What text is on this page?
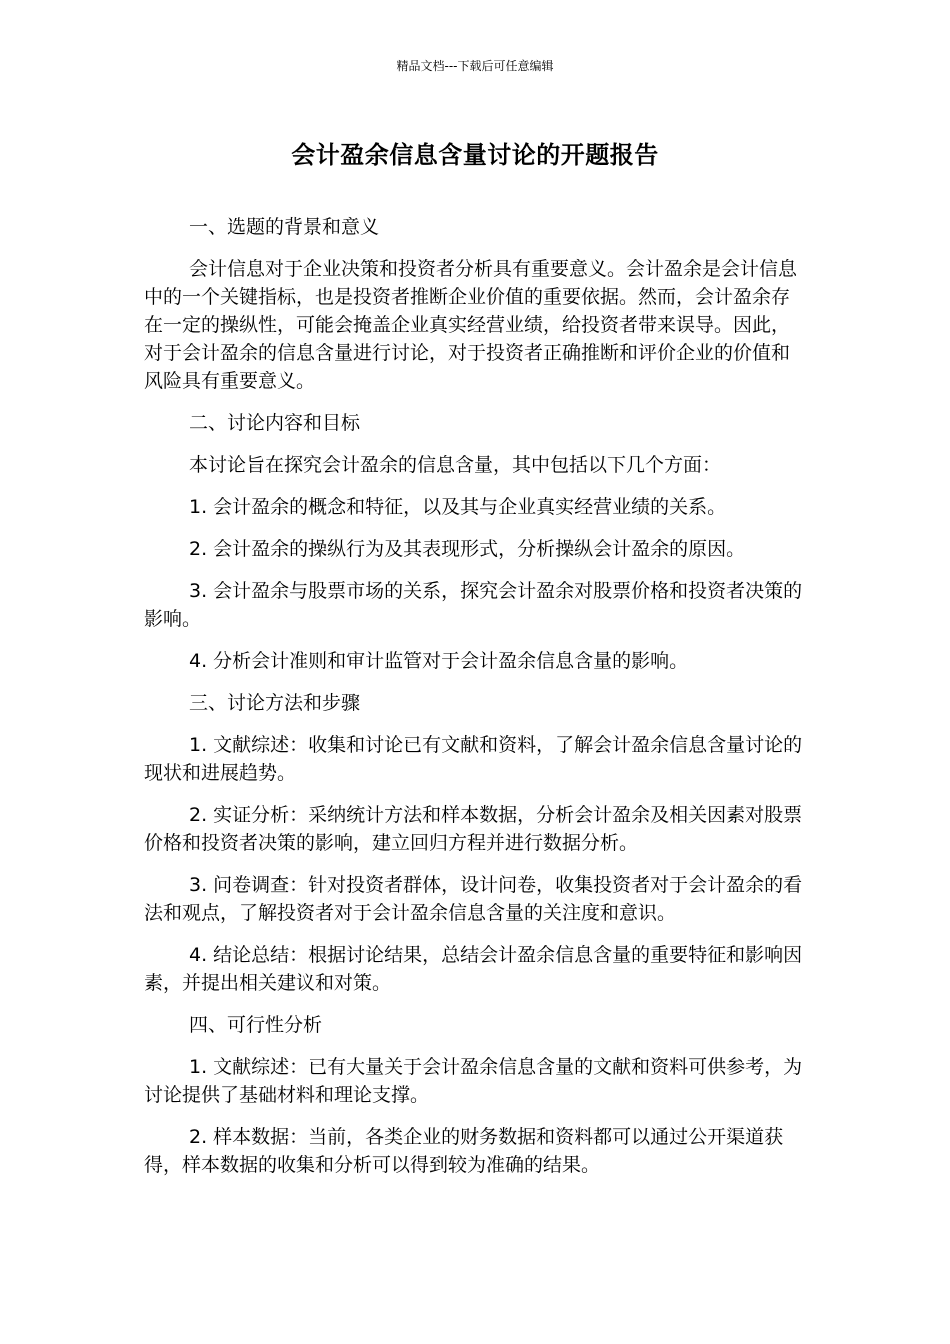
精品文档---下载后可任意编辑
会计盈余信息含量讨论的开题报告

一、选题的背景和意义

会计信息对于企业决策和投资者分析具有重要意义。会计盈余是会计信息中的一个关键指标，也是投资者推断企业价值的重要依据。然而，会计盈余存在一定的操纵性，可能会掩盖企业真实经营业绩，给投资者带来误导。因此，对于会计盈余的信息含量进行讨论，对于投资者正确推断和评价企业的价值和风险具有重要意义。

二、讨论内容和目标

本讨论旨在探究会计盈余的信息含量，其中包括以下几个方面：

1. 会计盈余的概念和特征，以及其与企业真实经营业绩的关系。

2. 会计盈余的操纵行为及其表现形式，分析操纵会计盈余的原因。

3. 会计盈余与股票市场的关系，探究会计盈余对股票价格和投资者决策的影响。

4. 分析会计准则和审计监管对于会计盈余信息含量的影响。

三、讨论方法和步骤

1. 文献综述：收集和讨论已有文献和资料，了解会计盈余信息含量讨论的现状和进展趋势。

2. 实证分析：采纳统计方法和样本数据，分析会计盈余及相关因素对股票价格和投资者决策的影响，建立回归方程并进行数据分析。

3. 问卷调查：针对投资者群体，设计问卷，收集投资者对于会计盈余的看法和观点，了解投资者对于会计盈余信息含量的关注度和意识。

4. 结论总结：根据讨论结果，总结会计盈余信息含量的重要特征和影响因素，并提出相关建议和对策。

四、可行性分析

1. 文献综述：已有大量关于会计盈余信息含量的文献和资料可供参考，为讨论提供了基础材料和理论支撑。

2. 样本数据：当前，各类企业的财务数据和资料都可以通过公开渠道获得，样本数据的收集和分析可以得到较为准确的结果。
